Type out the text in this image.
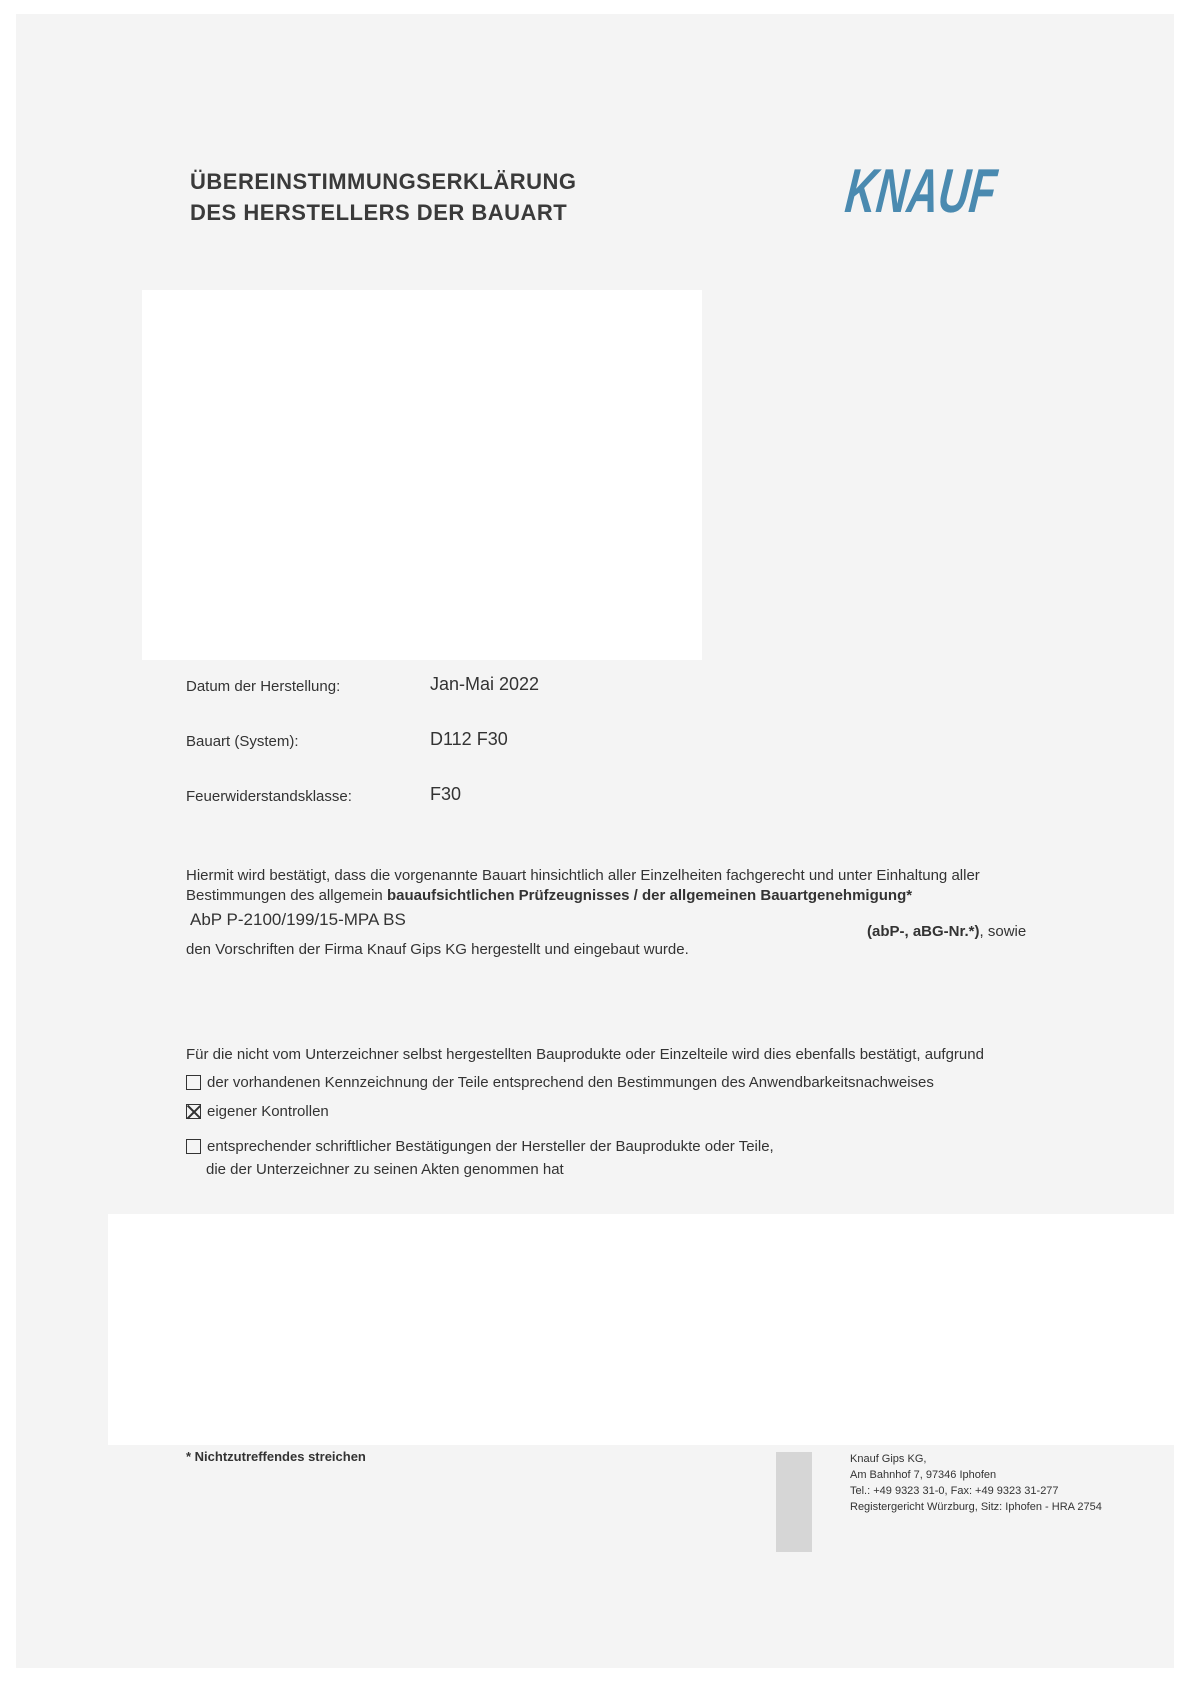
ÜBEREINSTIMMUNGSERKLÄRUNG
DES HERSTELLERS DER BAUART	KNAUF
Datum der Herstellung:	Jan-Mai 2022
Bauart (System):	D112 F30
Feuerwiderstandsklasse:	F30
Hiermit wird bestätigt, dass die vorgenannte Bauart hinsichtlich aller Einzelheiten fachgerecht und unter Einhaltung aller
Bestimmungen des allgemein bauaufsichtlichen Prüfzeugnisses / der allgemeinen Bauartgenehmigung*
AbP P-2100/199/15-MPA BS
(abP-, aBG-Nr.*), sowie
den Vorschriften der Firma Knauf Gips KG hergestellt und eingebaut wurde.
Für die nicht vom Unterzeichner selbst hergestellten Bauprodukte oder Einzelteile wird dies ebenfalls bestätigt, aufgrund
der vorhandenen Kennzeichnung der Teile entsprechend den Bestimmungen des Anwendbarkeitsnachweises
eigener Kontrollen
entsprechender schriftlicher Bestätigungen der Hersteller der Bauprodukte oder Teile,
die der Unterzeichner zu seinen Akten genommen hat
* Nichtzutreffendes streichen	Knauf Gips KG,
Am Bahnhof 7, 97346 Iphofen
Tel.: +49 9323 31-0, Fax: +49 9323 31-277
Registergericht Würzburg, Sitz: Iphofen - HRA 2754
